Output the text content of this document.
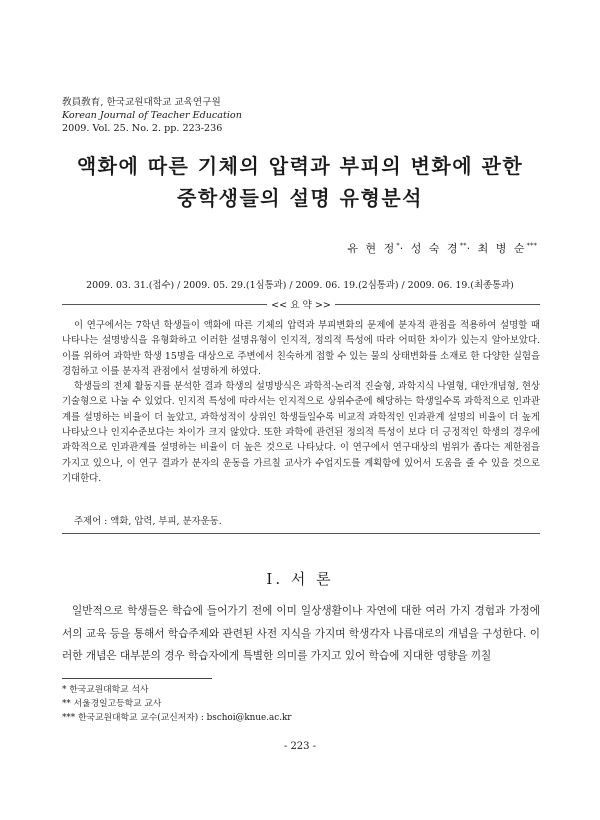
敎員敎育, 한국교원대학교 교육연구원
Korean Journal of Teacher Education
2009. Vol. 25. No. 2. pp. 223-236
액화에 따른 기체의 압력과 부피의 변화에 관한
중학생들의 설명 유형분석
유 현 정*· 성 숙 경**· 최 병 순***
2009. 03. 31.(접수) / 2009. 05. 29.(1심통과) / 2009. 06. 19.(2심통과) / 2009. 06. 19.(최종통과)
<< 요 약 >>

이 연구에서는 7학년 학생들이 액화에 따른 기체의 압력과 부피변화의 문제에 분자적 관점을 적용하여 설명할 때 나타나는 설명방식을 유형화하고 이러한 설명유형이 인지적, 정의적 특성에 따라 어떠한 차이가 있는지 알아보았다. 이를 위하여 과학반 학생 15명을 대상으로 주변에서 친숙하게 접할 수 있는 물의 상태변화를 소재로 한 다양한 실험을 경험하고 이를 분자적 관점에서 설명하게 하였다.

학생들의 전체 활동지를 분석한 결과 학생의 설명방식은 과학적·논리적 진술형, 과학지식 나열형, 대안개념형, 현상기술형으로 나눌 수 있었다. 인지적 특성에 따라서는 인지적으로 상위수준에 해당하는 학생일수록 과학적으로 인과관계를 설명하는 비율이 더 높았고, 과학성적이 상위인 학생들일수록 비교적 과학적인 인과관계 설명의 비율이 더 높게 나타났으나 인지수준보다는 차이가 크지 않았다. 또한 과학에 관련된 정의적 특성이 보다 더 긍정적인 학생의 경우에 과학적으로 인과관계를 설명하는 비율이 더 높은 것으로 나타났다. 이 연구에서 연구대상의 범위가 좁다는 제한점을 가지고 있으나, 이 연구 결과가 분자의 운동을 가르칠 교사가 수업지도를 계획함에 있어서 도움을 줄 수 있을 것으로 기대한다.

주제어 : 액화, 압력, 부피, 분자운동.
Ⅰ. 서 론

일반적으로 학생들은 학습에 들어가기 전에 이미 일상생활이나 자연에 대한 여러 가지 경험과 가정에서의 교육 등을 통해서 학습주제와 관련된 사전 지식을 가지며 학생각자 나름대로의 개념을 구성한다. 이러한 개념은 대부분의 경우 학습자에게 특별한 의미를 가지고 있어 학습에 지대한 영향을 끼칠

* 한국교원대학교 석사
** 서울경일고등학교 교사
*** 한국교원대학교 교수(교신저자) : bschoi@knue.ac.kr
- 223 -
